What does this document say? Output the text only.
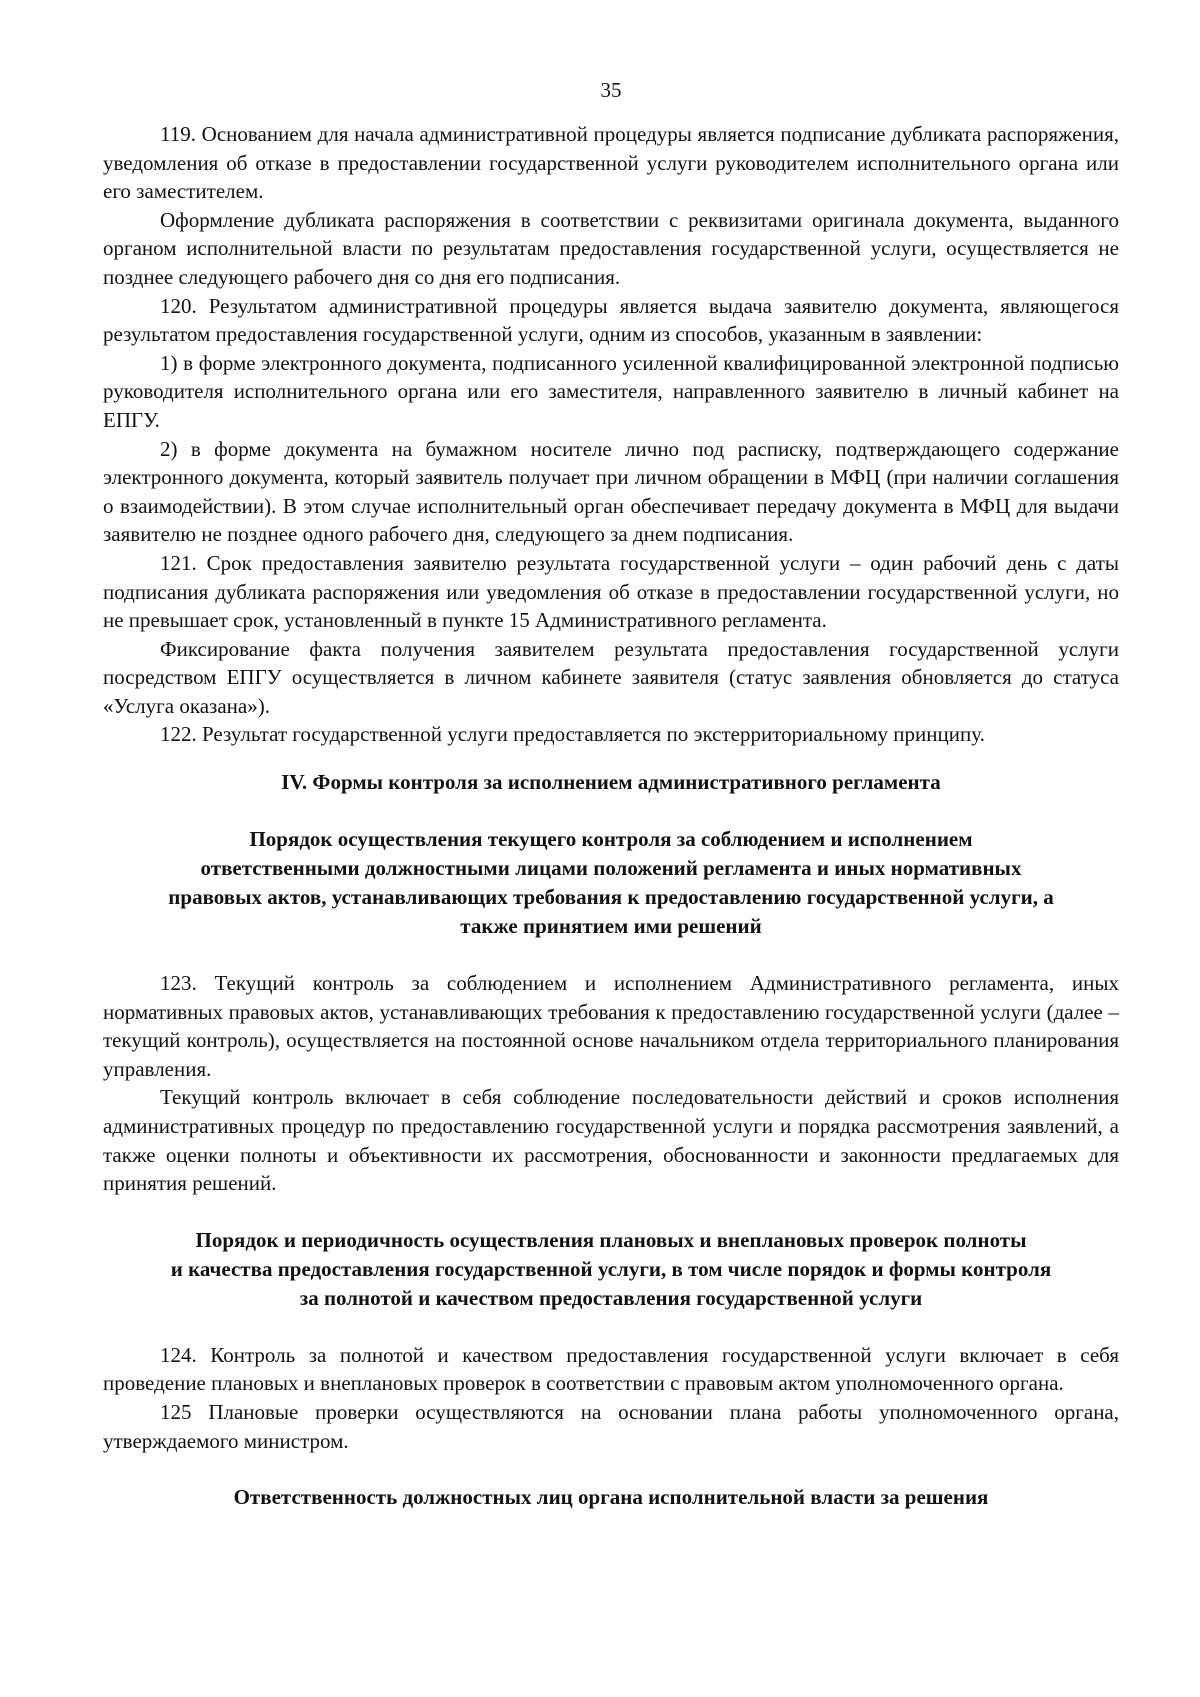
35

119. Основанием для начала административной процедуры является подписание дубликата распоряжения, уведомления об отказе в предоставлении государственной услуги руководителем исполнительного органа или его заместителем.

Оформление дубликата распоряжения в соответствии с реквизитами оригинала документа, выданного органом исполнительной власти по результатам предоставления государственной услуги, осуществляется не позднее следующего рабочего дня со дня его подписания.

120. Результатом административной процедуры является выдача заявителю документа, являющегося результатом предоставления государственной услуги, одним из способов, указанным в заявлении:

1) в форме электронного документа, подписанного усиленной квалифицированной электронной подписью руководителя исполнительного органа или его заместителя, направленного заявителю в личный кабинет на ЕПГУ.

2) в форме документа на бумажном носителе лично под расписку, подтверждающего содержание электронного документа, который заявитель получает при личном обращении в МФЦ (при наличии соглашения о взаимодействии). В этом случае исполнительный орган обеспечивает передачу документа в МФЦ для выдачи заявителю не позднее одного рабочего дня, следующего за днем подписания.

121. Срок предоставления заявителю результата государственной услуги – один рабочий день с даты подписания дубликата распоряжения или уведомления об отказе в предоставлении государственной услуги, но не превышает срок, установленный в пункте 15 Административного регламента.

Фиксирование факта получения заявителем результата предоставления государственной услуги посредством ЕПГУ осуществляется в личном кабинете заявителя (статус заявления обновляется до статуса «Услуга оказана»).

122. Результат государственной услуги предоставляется по экстерриториальному принципу.

IV. Формы контроля за исполнением административного регламента
Порядок осуществления текущего контроля за соблюдением и исполнением
ответственными должностными лицами положений регламента и иных нормативных
правовых актов, устанавливающих требования к предоставлению государственной услуги, а
также принятием ими решений

123. Текущий контроль за соблюдением и исполнением Административного регламента, иных нормативных правовых актов, устанавливающих требования к предоставлению государственной услуги (далее – текущий контроль), осуществляется на постоянной основе начальником отдела территориального планирования управления.

Текущий контроль включает в себя соблюдение последовательности действий и сроков исполнения административных процедур по предоставлению государственной услуги и порядка рассмотрения заявлений, а также оценки полноты и объективности их рассмотрения, обоснованности и законности предлагаемых для принятия решений.

Порядок и периодичность осуществления плановых и внеплановых проверок полноты
и качества предоставления государственной услуги, в том числе порядок и формы контроля
за полнотой и качеством предоставления государственной услуги

124. Контроль за полнотой и качеством предоставления государственной услуги включает в себя проведение плановых и внеплановых проверок в соответствии с правовым актом уполномоченного органа.

125 Плановые проверки осуществляются на основании плана работы уполномоченного органа, утверждаемого министром.

Ответственность должностных лиц органа исполнительной власти за решения
